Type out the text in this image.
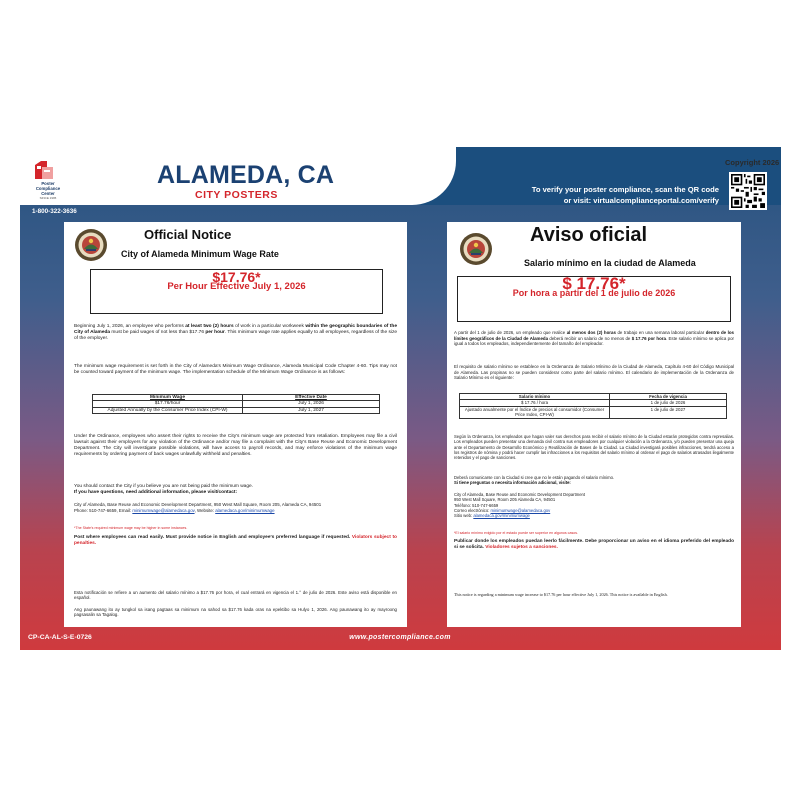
Poster
Compliance
Center
SINCE 1995
ALAMEDA, CA
CITY POSTERS
Copyright 2026
To verify your poster compliance, scan the QR code
or visit: virtualcomplianceportal.com/verify
1-800-322-3636
Official Notice
City of Alameda Minimum Wage Rate
$17.76*
Per Hour Effective July 1, 2026
Beginning July 1, 2026, an employee who performs at least two (2) hours of work in a particular workweek within the geographic boundaries of the City of Alameda must be paid wages of not less than $17.76 per hour. This minimum wage rate applies equally to all employees, regardless of the size of the employer.
The minimum wage requirement is set forth in the City of Alameda's Minimum Wage Ordinance, Alameda Municipal Code Chapter 4-60. Tips may not be counted toward payment of the minimum wage. The implementation schedule of the Minimum Wage Ordinance is as follows:
Minimum Wage	Effective Date
$17.76/hour	July 1, 2026
Adjusted Annually by the Consumer Price Index (CPI-W)	July 1, 2027
Under the Ordinance, employees who assert their rights to receive the City's minimum wage are protected from retaliation. Employees may file a civil lawsuit against their employers for any violation of the Ordinance and/or may file a complaint with the City's Base Reuse and Economic Development Department. The City will investigate possible violations, will have access to payroll records, and may enforce violations of the minimum wage requirements by ordering payment of back wages unlawfully withheld and penalties.
You should contact the City if you believe you are not being paid the minimum wage.
If you have questions, need additional information, please visit/contact:
City of Alameda, Base Reuse and Economic Development Department, 950 West Mall Square, Room 205, Alameda CA, 94501
Phone: 510-747-6659, Email: minimumwage@alamedaca.gov, Website: alamedaca.gov/minimumwage
*The State's required minimum wage may be higher in some instances.
Post where employees can read easily. Must provide notice in English and employee's preferred language if requested. Violators subject to penalties.
Esta notificación se refiere a un aumento del salario mínimo a $17.76 por hora, el cual entrará en vigencia el 1.° de julio de 2026. Este aviso está disponible en español.
Ang paunawang ito ay tungkol sa isang pagtaas sa minimum na sahod sa $17.76 kada oras na epektibo sa Hulyo 1, 2026. Ang paunawang ito ay mayroong pagsasalin sa Tagalog.
Aviso oficial
Salario mínimo en la ciudad de Alameda
$ 17.76*
Por hora a partir del 1 de julio de 2026
A partir del 1 de julio de 2026, un empleado que realice al menos dos (2) horas de trabajo en una semana laboral particular dentro de los límites geográficos de la Ciudad de Alameda deberá recibir un salario de no menos de $ 17.76 por hora. Este salario mínimo se aplica por igual a todos los empleados, independientemente del tamaño del empleador.
El requisito de salario mínimo se establece en la Ordenanza de Salario Mínimo de la Ciudad de Alameda, Capítulo 4-60 del Código Municipal de Alameda. Las propinas no se pueden considerar como parte del salario mínimo. El calendario de implementación de la Ordenanza de Salario Mínimo es el siguiente:
Salario mínimo	Fecha de vigencia
$ 17.76 / hora	1 de julio de 2026
Ajustado anualmente por el Índice de precios al consumidor (Consumer Price Index, CPI-W)	1 de julio de 2027
Según la Ordenanza, los empleados que hagan valer sus derechos para recibir el salario mínimo de la Ciudad estarán protegidos contra represalias. Los empleados pueden presentar una demanda civil contra sus empleadores por cualquier violación a la Ordenanza, y/o pueden presentar una queja ante el Departamento de Desarrollo Económico y Reutilización de Bases de la Ciudad. La Ciudad investigará posibles infracciones, tendrá acceso a los registros de nómina y podrá hacer cumplir las infracciones a los requisitos del salario mínimo al ordenar el pago de salarios atrasados ilegalmente retenidos y el pago de sanciones.
Deberá comunicarse con la Ciudad si cree que no le están pagando el salario mínimo.
Si tiene preguntas o necesita información adicional, visite:
City of Alameda, Base Reuse and Economic Development Department
950 West Mall Square, Room 205 Alameda CA, 94501
Teléfono: 510-747-6659
Correo electrónico: minimumwage@alamedaca.gov
Sitio web: alamedaca.gov/minimumwage
*El salario mínimo exigido por el estado puede ser superior en algunos casos.
Publicar donde los empleados puedan leerlo fácilmente. Debe proporcionar un aviso en el idioma preferido del empleado si se solicita. Violadores sujetos a sanciones.
This notice is regarding a minimum wage increase to $17.76 per hour effective July 1, 2026. This notice is available in English.
CP-CA-AL-S-E-0726	www.postercompliance.com
